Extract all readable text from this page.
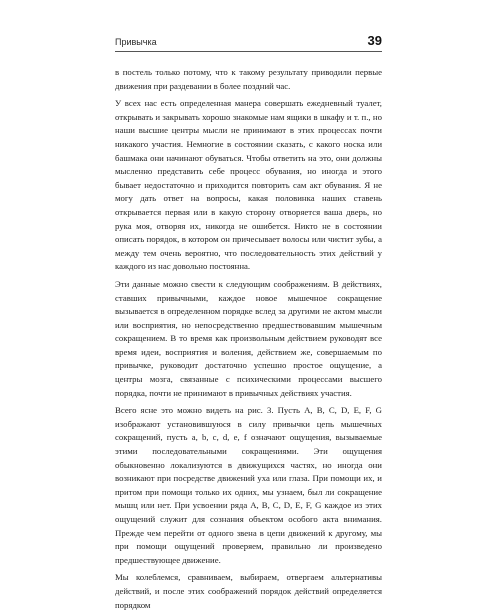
Привычка	39

в постель только потому, что к такому результату приводили первые движения при раздевании в более поздний час.

У всех нас есть определенная манера совершать ежедневный туалет, открывать и закрывать хорошо знакомые нам ящики в шкафу и т. п., но наши высшие центры мысли не принимают в этих процессах почти никакого участия. Немногие в состоянии сказать, с какого носка или башмака они начинают обуваться. Чтобы ответить на это, они должны мысленно представить себе процесс обувания, но иногда и этого бывает недостаточно и приходится повторить сам акт обувания. Я не могу дать ответ на вопросы, какая половинка наших ставень открывается первая или в какую сторону отворяется ваша дверь, но рука моя, отворяя их, никогда не ошибется. Никто не в состоянии описать порядок, в котором он причесывает волосы или чистит зубы, а между тем очень вероятно, что последовательность этих действий у каждого из нас довольно постоянна.

Эти данные можно свести к следующим соображениям. В действиях, ставших привычными, каждое новое мышечное сокращение вызывается в определенном порядке вслед за другими не актом мысли или восприятия, но непосредственно предшествовавшим мышечным сокращением. В то время как произвольным действием руководят все время идеи, восприятия и воления, действием же, совершаемым по привычке, руководит достаточно успешно простое ощущение, а центры мозга, связанные с психическими процессами высшего порядка, почти не принимают в привычных действиях участия.

Всего ясне это можно видеть на рис. 3. Пусть A, B, C, D, E, F, G изображают установившуюся в силу привычки цепь мышечных сокращений, пусть a, b, c, d, e, f означают ощущения, вызываемые этими последовательными сокращениями. Эти ощущения обыкновенно локализуются в движущихся частях, но иногда они возникают при посредстве движений уха или глаза. При помощи их, и притом при помощи только их одних, мы узнаем, был ли сокращение мышц или нет. При усвоении ряда A, B, C, D, E, F, G каждое из этих ощущений служит для сознания объектом особого акта внимания. Прежде чем перейти от одного звена в цепи движений к другому, мы при помощи ощущений проверяем, правильно ли произведено предшествующее движение.

Мы колеблемся, сравниваем, выбираем, отвергаем альтернативы действий, и после этих соображений порядок действий определяется порядком
